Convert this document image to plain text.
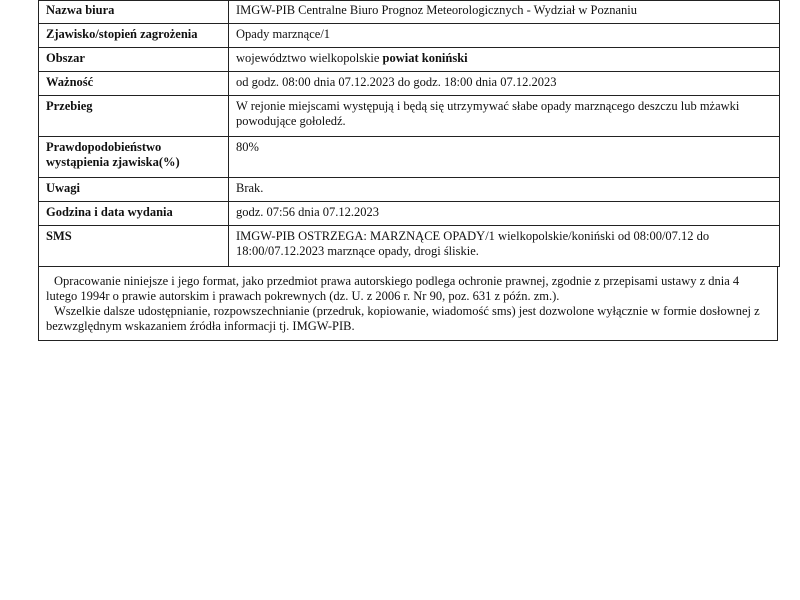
Nazwa biura	IMGW-PIB Centralne Biuro Prognoz Meteorologicznych - Wydział w Poznaniu
Zjawisko/stopień zagrożenia	Opady marznące/1
Obszar	województwo wielkopolskie powiat koniński
Ważność	od godz. 08:00 dnia 07.12.2023 do godz. 18:00 dnia 07.12.2023
Przebieg	W rejonie miejscami występują i będą się utrzymywać słabe opady marznącego deszczu lub mżawki powodujące gołoledź.
Prawdopodobieństwo wystąpienia zjawiska(%)	80%
Uwagi	Brak.
Godzina i data wydania	godz. 07:56 dnia 07.12.2023
SMS	IMGW-PIB OSTRZEGA: MARZNĄCE OPADY/1 wielkopolskie/koniński od 08:00/07.12 do 18:00/07.12.2023 marznące opady, drogi śliskie.

Opracowanie niniejsze i jego format, jako przedmiot prawa autorskiego podlega ochronie prawnej, zgodnie z przepisami ustawy z dnia 4 lutego 1994r o prawie autorskim i prawach pokrewnych (dz. U. z 2006 r. Nr 90, poz. 631 z późn. zm.).

Wszelkie dalsze udostępnianie, rozpowszechnianie (przedruk, kopiowanie, wiadomość sms) jest dozwolone wyłącznie w formie dosłownej z bezwzględnym wskazaniem źródła informacji tj. IMGW-PIB.
